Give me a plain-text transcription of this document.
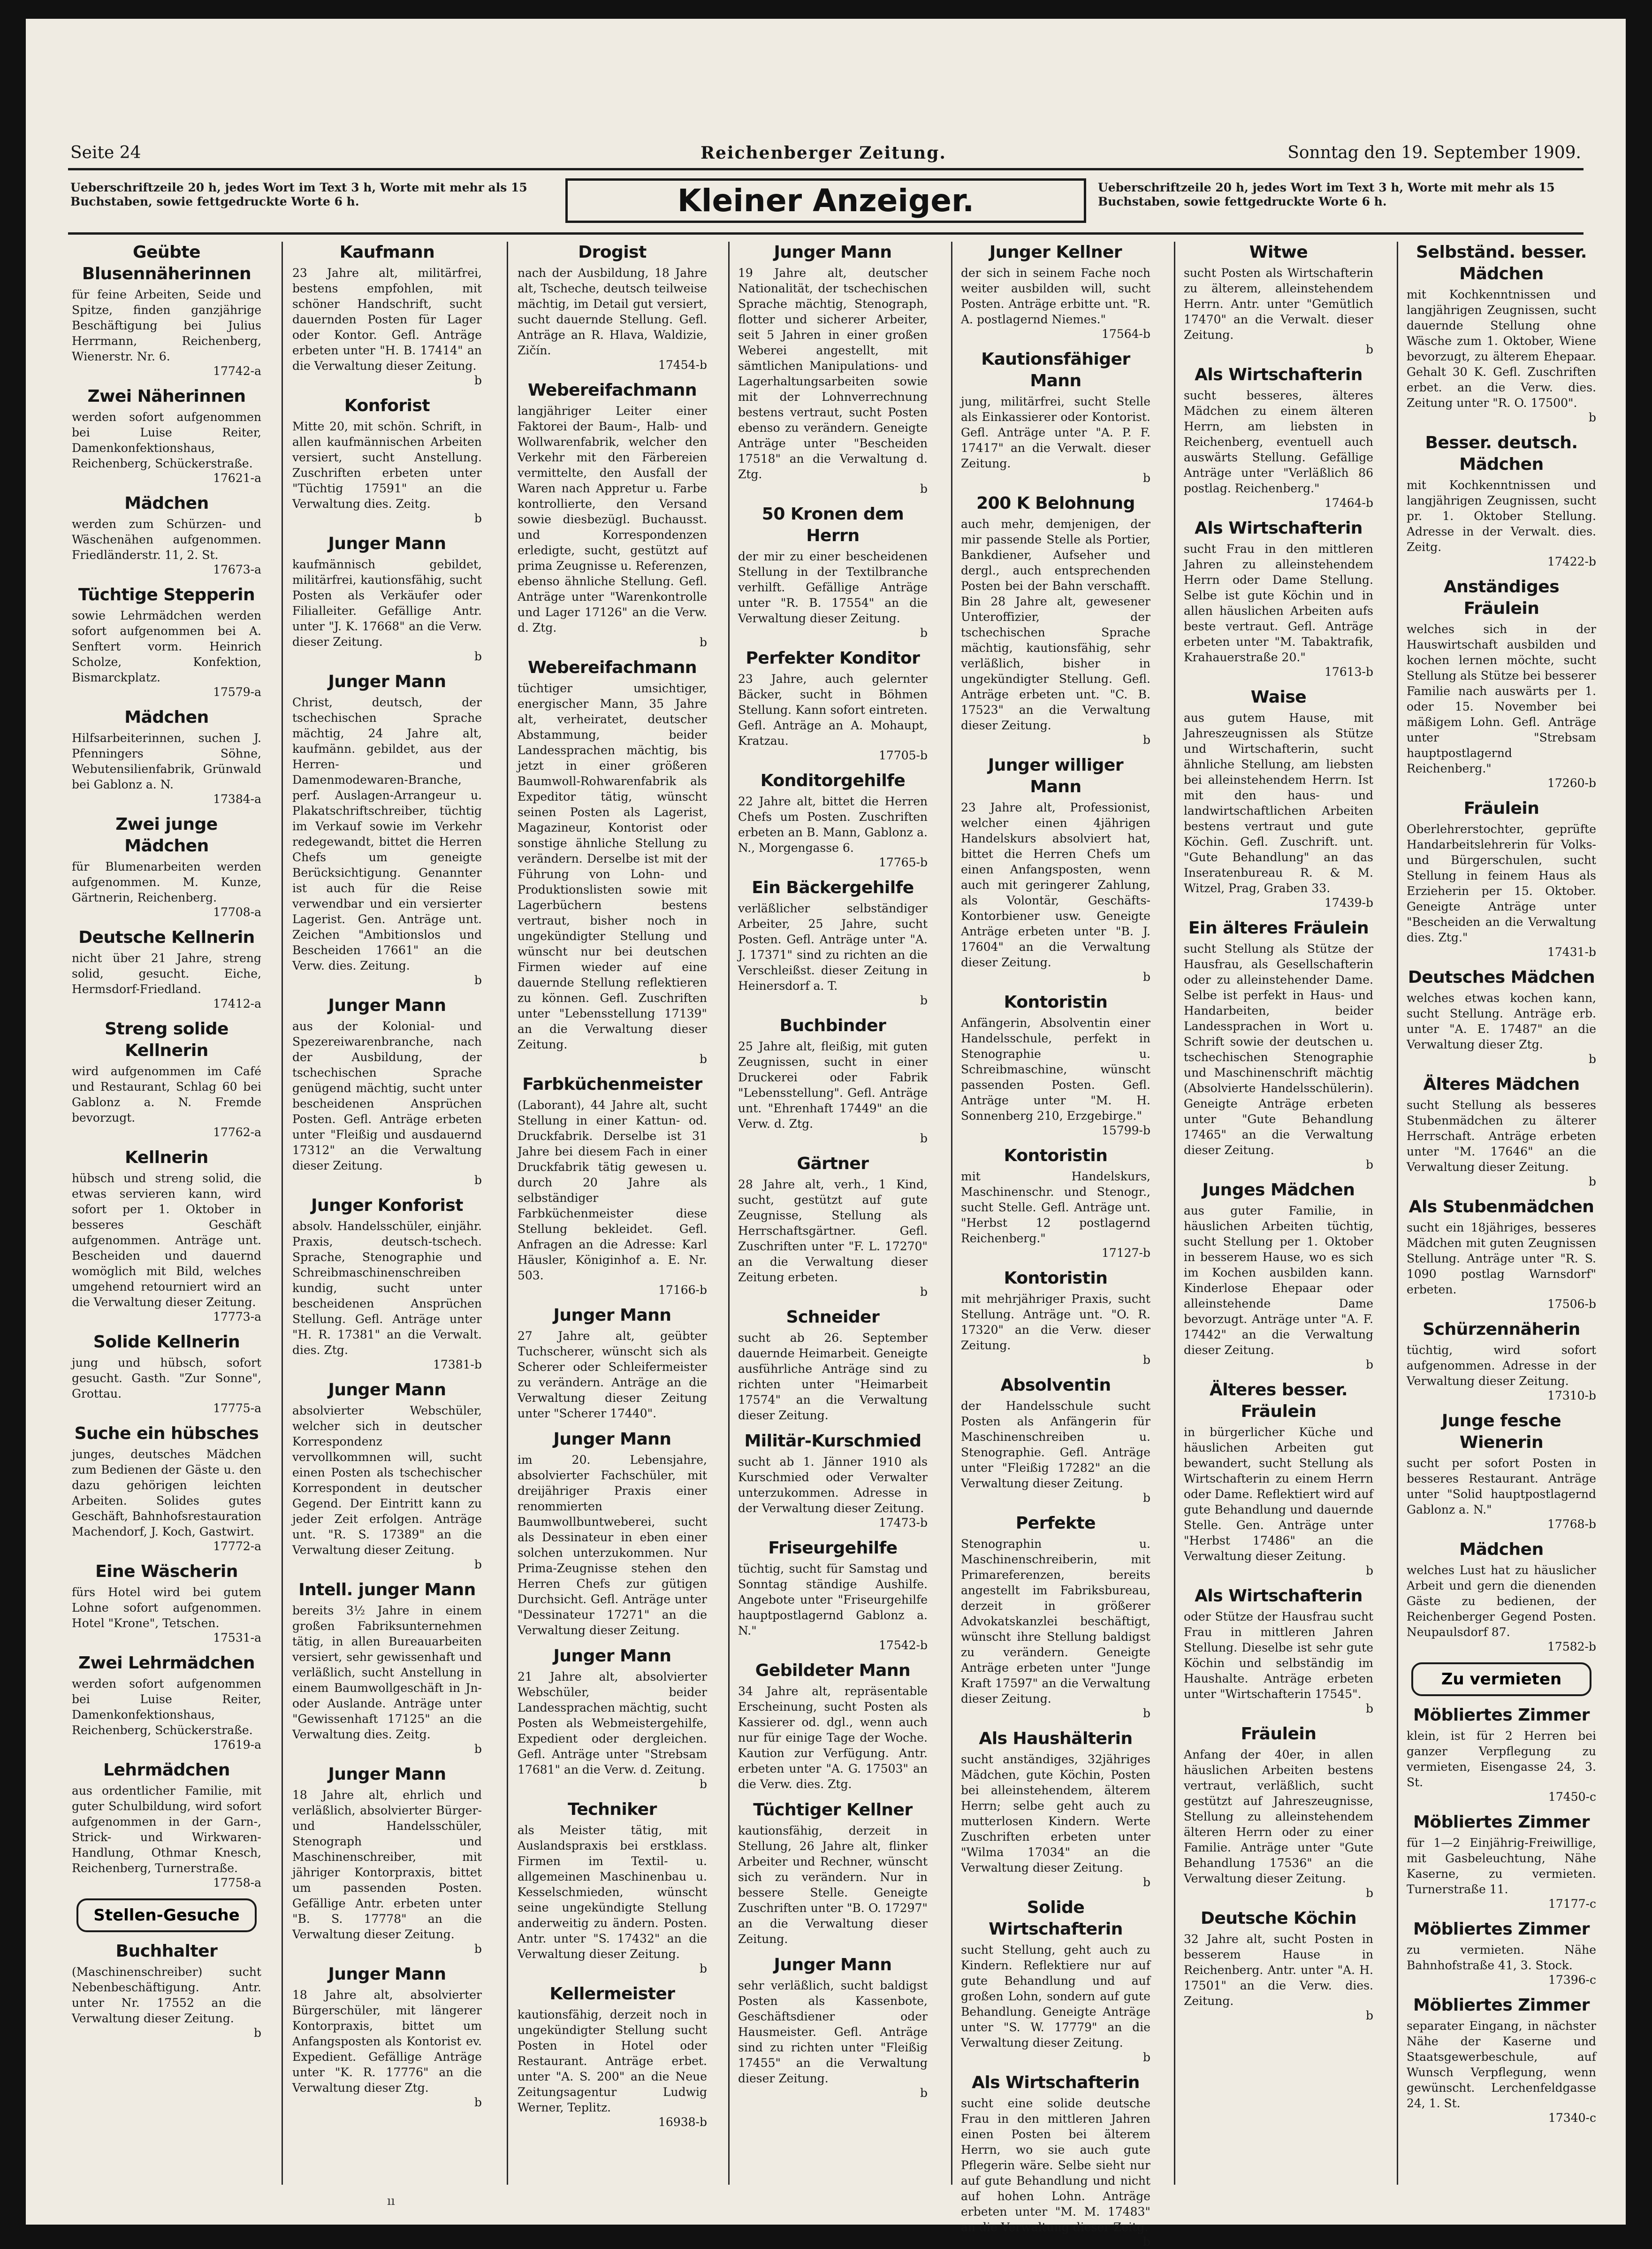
Seite 24	Reichenberger Zeitung.	Sonntag den 19. September 1909.
Ueberschriftzeile 20 h, jedes Wort im Text 3 h, Worte mit mehr als 15 Buchstaben, sowie fettgedruckte Worte 6 h.	Kleiner Anzeiger.	Ueberschriftzeile 20 h, jedes Wort im Text 3 h, Worte mit mehr als 15 Buchstaben, sowie fettgedruckte Worte 6 h.
Geübte Blusennäherinnen
für feine Arbeiten, Seide und Spitze, finden ganzjährige Beschäftigung bei Julius Herrmann, Reichenberg, Wienerstr. Nr. 6.
17742-a
Zwei Näherinnen
werden sofort aufgenommen bei Luise Reiter, Damenkonfektionshaus, Reichenberg, Schückerstraße.
17621-a
Mädchen
werden zum Schürzen- und Wäschenähen aufgenommen. Friedländerstr. 11, 2. St.
17673-a
Tüchtige Stepperin
sowie Lehrmädchen werden sofort aufgenommen bei A. Senftert vorm. Heinrich Scholze, Konfektion, Bismarckplatz.
17579-a
Mädchen
Hilfsarbeiterinnen, suchen J. Pfenningers Söhne, Webutensilienfabrik, Grünwald bei Gablonz a. N.
17384-a
Zwei junge Mädchen
für Blumenarbeiten werden aufgenommen. M. Kunze, Gärtnerin, Reichenberg.
17708-a
Deutsche Kellnerin
nicht über 21 Jahre, streng solid, gesucht. Eiche, Hermsdorf-Friedland.
17412-a
Streng solide Kellnerin
wird aufgenommen im Café und Restaurant, Schlag 60 bei Gablonz a. N. Fremde bevorzugt.
17762-a
Kellnerin
hübsch und streng solid, die etwas servieren kann, wird sofort per 1. Oktober in besseres Geschäft aufgenommen. Anträge unt. Bescheiden und dauernd womöglich mit Bild, welches umgehend retourniert wird an die Verwaltung dieser Zeitung.
17773-a
Solide Kellnerin
jung und hübsch, sofort gesucht. Gasth. "Zur Sonne", Grottau.
17775-a
Suche ein hübsches
junges, deutsches Mädchen zum Bedienen der Gäste u. den dazu gehörigen leichten Arbeiten. Solides gutes Geschäft, Bahnhofsrestauration Machendorf, J. Koch, Gastwirt.
17772-a
Eine Wäscherin
fürs Hotel wird bei gutem Lohne sofort aufgenommen. Hotel "Krone", Tetschen.
17531-a
Zwei Lehrmädchen
werden sofort aufgenommen bei Luise Reiter, Damenkonfektionshaus, Reichenberg, Schückerstraße.
17619-a
Lehrmädchen
aus ordentlicher Familie, mit guter Schulbildung, wird sofort aufgenommen in der Garn-, Strick- und Wirkwaren-Handlung, Othmar Knesch, Reichenberg, Turnerstraße.
17758-a
Stellen-Gesuche
Buchhalter
(Maschinenschreiber) sucht Nebenbeschäftigung. Antr. unter Nr. 17552 an die Verwaltung dieser Zeitung.
b
Kaufmann
23 Jahre alt, militärfrei, bestens empfohlen, mit schöner Handschrift, sucht dauernden Posten für Lager oder Kontor. Gefl. Anträge erbeten unter "H. B. 17414" an die Verwaltung dieser Zeitung.
b
Konforist
Mitte 20, mit schön. Schrift, in allen kaufmännischen Arbeiten versiert, sucht Anstellung. Zuschriften erbeten unter "Tüchtig 17591" an die Verwaltung dies. Zeitg.
b
Junger Mann
kaufmännisch gebildet, militärfrei, kautionsfähig, sucht Posten als Verkäufer oder Filialleiter. Gefällige Antr. unter "J. K. 17668" an die Verw. dieser Zeitung.
b
Junger Mann
Christ, deutsch, der tschechischen Sprache mächtig, 24 Jahre alt, kaufmänn. gebildet, aus der Herren- und Damenmodewaren-Branche, perf. Auslagen-Arrangeur u. Plakatschriftschreiber, tüchtig im Verkauf sowie im Verkehr redegewandt, bittet die Herren Chefs um geneigte Berücksichtigung. Genannter ist auch für die Reise verwendbar und ein versierter Lagerist. Gen. Anträge unt. Zeichen "Ambitionslos und Bescheiden 17661" an die Verw. dies. Zeitung.
b
Junger Mann
aus der Kolonial- und Spezereiwarenbranche, nach der Ausbildung, der tschechischen Sprache genügend mächtig, sucht unter bescheidenen Ansprüchen Posten. Gefl. Anträge erbeten unter "Fleißig und ausdauernd 17312" an die Verwaltung dieser Zeitung.
b
Junger Konforist
absolv. Handelsschüler, einjähr. Praxis, deutsch-tschech. Sprache, Stenographie und Schreibmaschinenschreiben kundig, sucht unter bescheidenen Ansprüchen Stellung. Gefl. Anträge unter "H. R. 17381" an die Verwalt. dies. Ztg.
17381-b
Junger Mann
absolvierter Webschüler, welcher sich in deutscher Korrespondenz vervollkommnen will, sucht einen Posten als tschechischer Korrespondent in deutscher Gegend. Der Eintritt kann zu jeder Zeit erfolgen. Anträge unt. "R. S. 17389" an die Verwaltung dieser Zeitung.
b
Intell. junger Mann
bereits 3½ Jahre in einem großen Fabriksunternehmen tätig, in allen Bureauarbeiten versiert, sehr gewissenhaft und verläßlich, sucht Anstellung in einem Baumwollgeschäft in Jn- oder Auslande. Anträge unter "Gewissenhaft 17125" an die Verwaltung dies. Zeitg.
b
Junger Mann
18 Jahre alt, ehrlich und verläßlich, absolvierter Bürger- und Handelsschüler, Stenograph und Maschinenschreiber, mit jähriger Kontorpraxis, bittet um passenden Posten. Gefällige Antr. erbeten unter "B. S. 17778" an die Verwaltung dieser Zeitung.
b
Junger Mann
18 Jahre alt, absolvierter Bürgerschüler, mit längerer Kontorpraxis, bittet um Anfangsposten als Kontorist ev. Expedient. Gefällige Anträge unter "K. R. 17776" an die Verwaltung dieser Ztg.
b
Drogist
nach der Ausbildung, 18 Jahre alt, Tscheche, deutsch teilweise mächtig, im Detail gut versiert, sucht dauernde Stellung. Gefl. Anträge an R. Hlava, Waldizie, Zičín.
17454-b
Webereifachmann
langjähriger Leiter einer Faktorei der Baum-, Halb- und Wollwarenfabrik, welcher den Verkehr mit den Färbereien vermittelte, den Ausfall der Waren nach Appretur u. Farbe kontrollierte, den Versand sowie diesbezügl. Buchausst. und Korrespondenzen erledigte, sucht, gestützt auf prima Zeugnisse u. Referenzen, ebenso ähnliche Stellung. Gefl. Anträge unter "Warenkontrolle und Lager 17126" an die Verw. d. Ztg.
b
Webereifachmann
tüchtiger umsichtiger, energischer Mann, 35 Jahre alt, verheiratet, deutscher Abstammung, beider Landessprachen mächtig, bis jetzt in einer größeren Baumwoll-Rohwarenfabrik als Expeditor tätig, wünscht seinen Posten als Lagerist, Magazineur, Kontorist oder sonstige ähnliche Stellung zu verändern. Derselbe ist mit der Führung von Lohn- und Produktionslisten sowie mit Lagerbüchern bestens vertraut, bisher noch in ungekündigter Stellung und wünscht nur bei deutschen Firmen wieder auf eine dauernde Stellung reflektieren zu können. Gefl. Zuschriften unter "Lebensstellung 17139" an die Verwaltung dieser Zeitung.
b
Farbküchenmeister
(Laborant), 44 Jahre alt, sucht Stellung in einer Kattun- od. Druckfabrik. Derselbe ist 31 Jahre bei diesem Fach in einer Druckfabrik tätig gewesen u. durch 20 Jahre als selbständiger Farbküchenmeister diese Stellung bekleidet. Gefl. Anfragen an die Adresse: Karl Häusler, Königinhof a. E. Nr. 503.
17166-b
Junger Mann
27 Jahre alt, geübter Tuchscherer, wünscht sich als Scherer oder Schleifermeister zu verändern. Anträge an die Verwaltung dieser Zeitung unter "Scherer 17440".
Junger Mann
im 20. Lebensjahre, absolvierter Fachschüler, mit dreijähriger Praxis einer renommierten Baumwollbuntweberei, sucht als Dessinateur in eben einer solchen unterzukommen. Nur Prima-Zeugnisse stehen den Herren Chefs zur gütigen Durchsicht. Gefl. Anträge unter "Dessinateur 17271" an die Verwaltung dieser Zeitung.
Junger Mann
21 Jahre alt, absolvierter Webschüler, beider Landessprachen mächtig, sucht Posten als Webmeistergehilfe, Expedient oder dergleichen. Gefl. Anträge unter "Strebsam 17681" an die Verw. d. Zeitung.
b
Techniker
als Meister tätig, mit Auslandspraxis bei erstklass. Firmen im Textil- u. allgemeinen Maschinenbau u. Kesselschmieden, wünscht seine ungekündigte Stellung anderweitig zu ändern. Posten. Antr. unter "S. 17432" an die Verwaltung dieser Zeitung.
b
Kellermeister
kautionsfähig, derzeit noch in ungekündigter Stellung sucht Posten in Hotel oder Restaurant. Anträge erbet. unter "A. S. 200" an die Neue Zeitungsagentur Ludwig Werner, Teplitz.
16938-b
Junger Mann
19 Jahre alt, deutscher Nationalität, der tschechischen Sprache mächtig, Stenograph, flotter und sicherer Arbeiter, seit 5 Jahren in einer großen Weberei angestellt, mit sämtlichen Manipulations- und Lagerhaltungsarbeiten sowie mit der Lohnverrechnung bestens vertraut, sucht Posten ebenso zu verändern. Geneigte Anträge unter "Bescheiden 17518" an die Verwaltung d. Ztg.
b
50 Kronen dem Herrn
der mir zu einer bescheidenen Stellung in der Textilbranche verhilft. Gefällige Anträge unter "R. B. 17554" an die Verwaltung dieser Zeitung.
b
Perfekter Konditor
23 Jahre, auch gelernter Bäcker, sucht in Böhmen Stellung. Kann sofort eintreten. Gefl. Anträge an A. Mohaupt, Kratzau.
17705-b
Konditorgehilfe
22 Jahre alt, bittet die Herren Chefs um Posten. Zuschriften erbeten an B. Mann, Gablonz a. N., Morgengasse 6.
17765-b
Ein Bäckergehilfe
verläßlicher selbständiger Arbeiter, 25 Jahre, sucht Posten. Gefl. Anträge unter "A. J. 17371" sind zu richten an die Verschleißst. dieser Zeitung in Heinersdorf a. T.
b
Buchbinder
25 Jahre alt, fleißig, mit guten Zeugnissen, sucht in einer Druckerei oder Fabrik "Lebensstellung". Gefl. Anträge unt. "Ehrenhaft 17449" an die Verw. d. Ztg.
b
Gärtner
28 Jahre alt, verh., 1 Kind, sucht, gestützt auf gute Zeugnisse, Stellung als Herrschaftsgärtner. Gefl. Zuschriften unter "F. L. 17270" an die Verwaltung dieser Zeitung erbeten.
b
Schneider
sucht ab 26. September dauernde Heimarbeit. Geneigte ausführliche Anträge sind zu richten unter "Heimarbeit 17574" an die Verwaltung dieser Zeitung.
Militär-Kurschmied
sucht ab 1. Jänner 1910 als Kurschmied oder Verwalter unterzukommen. Adresse in der Verwaltung dieser Zeitung.
17473-b
Friseurgehilfe
tüchtig, sucht für Samstag und Sonntag ständige Aushilfe. Angebote unter "Friseurgehilfe hauptpostlagernd Gablonz a. N."
17542-b
Gebildeter Mann
34 Jahre alt, repräsentable Erscheinung, sucht Posten als Kassierer od. dgl., wenn auch nur für einige Tage der Woche. Kaution zur Verfügung. Antr. erbeten unter "A. G. 17503" an die Verw. dies. Ztg.
Tüchtiger Kellner
kautionsfähig, derzeit in Stellung, 26 Jahre alt, flinker Arbeiter und Rechner, wünscht sich zu verändern. Nur in bessere Stelle. Geneigte Zuschriften unter "B. O. 17297" an die Verwaltung dieser Zeitung.
Junger Mann
sehr verläßlich, sucht baldigst Posten als Kassenbote, Geschäftsdiener oder Hausmeister. Gefl. Anträge sind zu richten unter "Fleißig 17455" an die Verwaltung dieser Zeitung.
b
Junger Kellner
der sich in seinem Fache noch weiter ausbilden will, sucht Posten. Anträge erbitte unt. "R. A. postlagernd Niemes."
17564-b
Kautionsfähiger Mann
jung, militärfrei, sucht Stelle als Einkassierer oder Kontorist. Gefl. Anträge unter "A. P. F. 17417" an die Verwalt. dieser Zeitung.
b
200 K Belohnung
auch mehr, demjenigen, der mir passende Stelle als Portier, Bankdiener, Aufseher und dergl., auch entsprechenden Posten bei der Bahn verschafft. Bin 28 Jahre alt, gewesener Unteroffizier, der tschechischen Sprache mächtig, kautionsfähig, sehr verläßlich, bisher in ungekündigter Stellung. Gefl. Anträge erbeten unt. "C. B. 17523" an die Verwaltung dieser Zeitung.
b
Junger williger Mann
23 Jahre alt, Professionist, welcher einen 4jährigen Handelskurs absolviert hat, bittet die Herren Chefs um einen Anfangsposten, wenn auch mit geringerer Zahlung, als Volontär, Geschäfts-Kontorbiener usw. Geneigte Anträge erbeten unter "B. J. 17604" an die Verwaltung dieser Zeitung.
b
Kontoristin
Anfängerin, Absolventin einer Handelsschule, perfekt in Stenographie u. Schreibmaschine, wünscht passenden Posten. Gefl. Anträge unter "M. H. Sonnenberg 210, Erzgebirge."
15799-b
Kontoristin
mit Handelskurs, Maschinenschr. und Stenogr., sucht Stelle. Gefl. Anträge unt. "Herbst 12 postlagernd Reichenberg."
17127-b
Kontoristin
mit mehrjähriger Praxis, sucht Stellung. Anträge unt. "O. R. 17320" an die Verw. dieser Zeitung.
b
Absolventin
der Handelsschule sucht Posten als Anfängerin für Maschinenschreiben u. Stenographie. Gefl. Anträge unter "Fleißig 17282" an die Verwaltung dieser Zeitung.
b
Perfekte
Stenographin u. Maschinenschreiberin, mit Primareferenzen, bereits angestellt im Fabriksbureau, derzeit in größerer Advokatskanzlei beschäftigt, wünscht ihre Stellung baldigst zu verändern. Geneigte Anträge erbeten unter "Junge Kraft 17597" an die Verwaltung dieser Zeitung.
b
Als Haushälterin
sucht anständiges, 32jähriges Mädchen, gute Köchin, Posten bei alleinstehendem, älterem Herrn; selbe geht auch zu mutterlosen Kindern. Werte Zuschriften erbeten unter "Wilma 17034" an die Verwaltung dieser Zeitung.
b
Solide Wirtschafterin
sucht Stellung, geht auch zu Kindern. Reflektiere nur auf gute Behandlung und auf großen Lohn, sondern auf gute Behandlung. Geneigte Anträge unter "S. W. 17779" an die Verwaltung dieser Zeitung.
b
Als Wirtschafterin
sucht eine solide deutsche Frau in den mittleren Jahren einen Posten bei älterem Herrn, wo sie auch gute Pflegerin wäre. Selbe sieht nur auf gute Behandlung und nicht auf hohen Lohn. Anträge erbeten unter "M. M. 17483" an die Verwaltung dieser Zeitg.
b
Witwe
sucht Posten als Wirtschafterin zu älterem, alleinstehendem Herrn. Antr. unter "Gemütlich 17470" an die Verwalt. dieser Zeitung.
b
Als Wirtschafterin
sucht besseres, älteres Mädchen zu einem älteren Herrn, am liebsten in Reichenberg, eventuell auch auswärts Stellung. Gefällige Anträge unter "Verläßlich 86 postlag. Reichenberg."
17464-b
Als Wirtschafterin
sucht Frau in den mittleren Jahren zu alleinstehendem Herrn oder Dame Stellung. Selbe ist gute Köchin und in allen häuslichen Arbeiten aufs beste vertraut. Gefl. Anträge erbeten unter "M. Tabaktrafik, Krahauerstraße 20."
17613-b
Waise
aus gutem Hause, mit Jahreszeugnissen als Stütze und Wirtschafterin, sucht ähnliche Stellung, am liebsten bei alleinstehendem Herrn. Ist mit den haus- und landwirtschaftlichen Arbeiten bestens vertraut und gute Köchin. Gefl. Zuschrift. unt. "Gute Behandlung" an das Inseratenbureau R. & M. Witzel, Prag, Graben 33.
17439-b
Ein älteres Fräulein
sucht Stellung als Stütze der Hausfrau, als Gesellschafterin oder zu alleinstehender Dame. Selbe ist perfekt in Haus- und Handarbeiten, beider Landessprachen in Wort u. Schrift sowie der deutschen u. tschechischen Stenographie und Maschinenschrift mächtig (Absolvierte Handelsschülerin). Geneigte Anträge erbeten unter "Gute Behandlung 17465" an die Verwaltung dieser Zeitung.
b
Junges Mädchen
aus guter Familie, in häuslichen Arbeiten tüchtig, sucht Stellung per 1. Oktober in besserem Hause, wo es sich im Kochen ausbilden kann. Kinderlose Ehepaar oder alleinstehende Dame bevorzugt. Anträge unter "A. F. 17442" an die Verwaltung dieser Zeitung.
b
Älteres besser. Fräulein
in bürgerlicher Küche und häuslichen Arbeiten gut bewandert, sucht Stellung als Wirtschafterin zu einem Herrn oder Dame. Reflektiert wird auf gute Behandlung und dauernde Stelle. Gen. Anträge unter "Herbst 17486" an die Verwaltung dieser Zeitung.
b
Als Wirtschafterin
oder Stütze der Hausfrau sucht Frau in mittleren Jahren Stellung. Dieselbe ist sehr gute Köchin und selbständig im Haushalte. Anträge erbeten unter "Wirtschafterin 17545".
b
Fräulein
Anfang der 40er, in allen häuslichen Arbeiten bestens vertraut, verläßlich, sucht gestützt auf Jahreszeugnisse, Stellung zu alleinstehendem älteren Herrn oder zu einer Familie. Anträge unter "Gute Behandlung 17536" an die Verwaltung dieser Zeitung.
b
Deutsche Köchin
32 Jahre alt, sucht Posten in besserem Hause in Reichenberg. Antr. unter "A. H. 17501" an die Verw. dies. Zeitung.
b
Selbständ. besser. Mädchen
mit Kochkenntnissen und langjährigen Zeugnissen, sucht dauernde Stellung ohne Wäsche zum 1. Oktober, Wiene bevorzugt, zu älterem Ehepaar. Gehalt 30 K. Gefl. Zuschriften erbet. an die Verw. dies. Zeitung unter "R. O. 17500".
b
Besser. deutsch. Mädchen
mit Kochkenntnissen und langjährigen Zeugnissen, sucht pr. 1. Oktober Stellung. Adresse in der Verwalt. dies. Zeitg.
17422-b
Anständiges Fräulein
welches sich in der Hauswirtschaft ausbilden und kochen lernen möchte, sucht Stellung als Stütze bei besserer Familie nach auswärts per 1. oder 15. November bei mäßigem Lohn. Gefl. Anträge unter "Strebsam hauptpostlagernd Reichenberg."
17260-b
Fräulein
Oberlehrerstochter, geprüfte Handarbeitslehrerin für Volks- und Bürgerschulen, sucht Stellung in feinem Haus als Erzieherin per 15. Oktober. Geneigte Anträge unter "Bescheiden an die Verwaltung dies. Ztg."
17431-b
Deutsches Mädchen
welches etwas kochen kann, sucht Stellung. Anträge erb. unter "A. E. 17487" an die Verwaltung dieser Ztg.
b
Älteres Mädchen
sucht Stellung als besseres Stubenmädchen zu älterer Herrschaft. Anträge erbeten unter "M. 17646" an die Verwaltung dieser Zeitung.
b
Als Stubenmädchen
sucht ein 18jähriges, besseres Mädchen mit guten Zeugnissen Stellung. Anträge unter "R. S. 1090 postlag Warnsdorf" erbeten.
17506-b
Schürzennäherin
tüchtig, wird sofort aufgenommen. Adresse in der Verwaltung dieser Zeitung.
17310-b
Junge fesche Wienerin
sucht per sofort Posten in besseres Restaurant. Anträge unter "Solid hauptpostlagernd Gablonz a. N."
17768-b
Mädchen
welches Lust hat zu häuslicher Arbeit und gern die dienenden Gäste zu bedienen, der Reichenberger Gegend Posten. Neupaulsdorf 87.
17582-b
Zu vermieten
Möbliertes Zimmer
klein, ist für 2 Herren bei ganzer Verpflegung zu vermieten, Eisengasse 24, 3. St.
17450-c
Möbliertes Zimmer
für 1—2 Einjährig-Freiwillige, mit Gasbeleuchtung, Nähe Kaserne, zu vermieten. Turnerstraße 11.
17177-c
Möbliertes Zimmer
zu vermieten. Nähe Bahnhofstraße 41, 3. Stock.
17396-c
Möbliertes Zimmer
separater Eingang, in nächster Nähe der Kaserne und Staatsgewerbeschule, auf Wunsch Verpflegung, wenn gewünscht. Lerchenfeldgasse 24, 1. St.
17340-c
ıı
